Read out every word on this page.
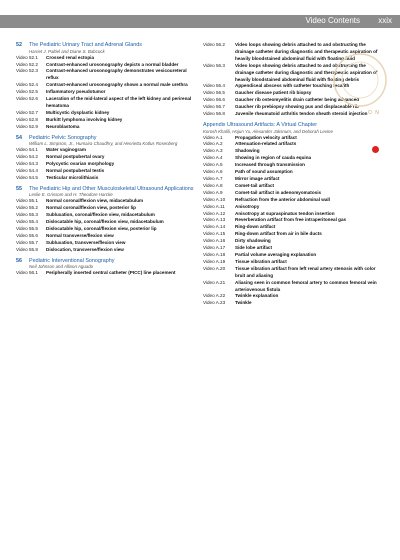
Video Contents xxix
52	The Pediatric Urinary Tract and Adrenal Glands
Harriet J. Paltiel and Diane S. Babcock
Video 52.1	Crossed renal ectopia
Video 52.2	Contrast-enhanced urosonography depicts a normal bladder
Video 52.3	Contrast-enhanced urosonography demonstrates vesicoureteral reflux
Video 52.4	Contrast-enhanced urosonography shows a normal male urethra
Video 52.5	Inflammatory pseudotumor
Video 52.6	Laceration of the mid-lateral aspect of the left kidney and perirenal hematoma
Video 52.7	Multicystic dysplastic kidney
Video 52.8	Burkitt lymphoma involving kidney
Video 52.9	Neuroblastoma
54	Pediatric Pelvic Sonography
William L. Simpson, Jr., Humaira Chaudhry, and Henrietta Kotlus Rosenberg
Video 54.1	Water vaginogram
Video 54.2	Normal postpubertal ovary
Video 54.3	Polycystic ovarian morphology
Video 54.4	Normal postpubertal testis
Video 54.5	Testicular microlithiasis
55	The Pediatric Hip and Other Musculoskeletal Ultrasound Applications
Leslie E. Grissom and H. Theodore Harcke
Video 55.1	Normal coronal/flexion view, midacetabulum
Video 55.2	Normal coronal/flexion view, posterior lip
Video 55.3	Subluxation, coronal/flexion view, midacetabulum
Video 55.4	Dislocatable hip, coronal/flexion view, midacetabulum
Video 55.5	Dislocatable hip, coronal/flexion view, posterior lip
Video 55.6	Normal transverse/flexion view
Video 55.7	Subluxation, transverse/flexion view
Video 55.8	Dislocation, transverse/flexion view
56	Pediatric Interventional Sonography
Neil Johnson and Allison Aguado
Video 56.1	Peripherally inserted central catheter (PICC) line placement
Video 56.2	Video loops showing debris attached to and obstructing the drainage catheter during diagnostic and therapeutic aspiration of heavily bloodstained abdominal fluid with floating fluid
Video 56.3	Video loops showing debris attached to and obstructing the drainage catheter during diagnostic and therapeutic aspiration of heavily bloodstained abdominal fluid with floating debris
Video 56.4	Appendiceal abscess with catheter touching fecalith
Video 56.5	Gaucher disease patient rib biopsy
Video 56.6	Gaucher rib osteomyelitis drain catheter being advanced
Video 56.7	Gaucher rib prebiopsy showing pus and displaceable rib
Video 56.8	Juvenile rheumatoid arthritis tendon sheath steroid injection
Appendix Ultrasound Artifacts: A Virtual Chapter
Korosh Khalili, Hojun Yu, Alexander Jaksnum, and Deborah Levine
Video A.1	Propagation velocity artifact
Video A.2	Attenuation-related artifacts
Video A.3	Shadowing
Video A.4	Showing in region of cauda equina
Video A.5	Increased through transmission
Video A.6	Path of sound assumption
Video A.7	Mirror image artifact
Video A.8	Comet-tail artifact
Video A.9	Comet-tail artifact in adenomyomatosis
Video A.10	Refraction from the anterior abdominal wall
Video A.11	Anisotropy
Video A.12	Anisotropy at supraspinatus tendon insertion
Video A.13	Reverberation artifact from free intraperitoneal gas
Video A.14	Ring-down artifact
Video A.15	Ring-down artifact from air in bile ducts
Video A.16	Dirty shadowing
Video A.17	Side lobe artifact
Video A.18	Partial volume averaging explanation
Video A.19	Tissue vibration artifact
Video A.20	Tissue vibration artifact from left renal artery stenosis with color bruit and aliasing
Video A.21	Aliasing seen in common femoral artery to common femoral vein arteriovenous fistula
Video A.22	Twinkle explanation
Video A.23	Twinkle
O N
